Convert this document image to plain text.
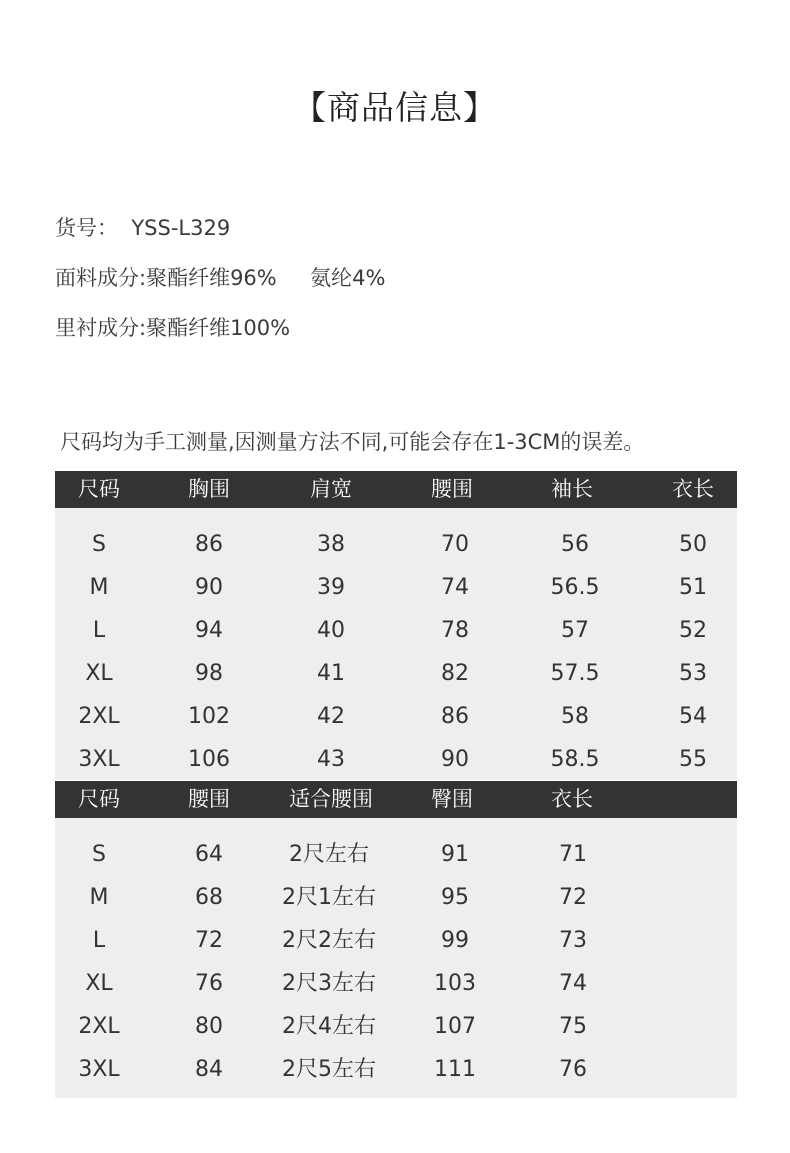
【商品信息】
货号：  YSS-L329
面料成分:聚酯纤维96%     氨纶4%
里衬成分:聚酯纤维100%
尺码均为手工测量,因测量方法不同,可能会存在1-3CM的误差。
尺码	胸围	肩宽	腰围	袖长	衣长
S	86	38	70	56	50
M	90	39	74	56.5	51
L	94	40	78	57	52
XL	98	41	82	57.5	53
2XL	102	42	86	58	54
3XL	106	43	90	58.5	55
尺码	腰围	适合腰围	臀围	衣长
S	64	2尺左右	91	71
M	68	2尺1左右	95	72
L	72	2尺2左右	99	73
XL	76	2尺3左右	103	74
2XL	80	2尺4左右	107	75
3XL	84	2尺5左右	111	76
